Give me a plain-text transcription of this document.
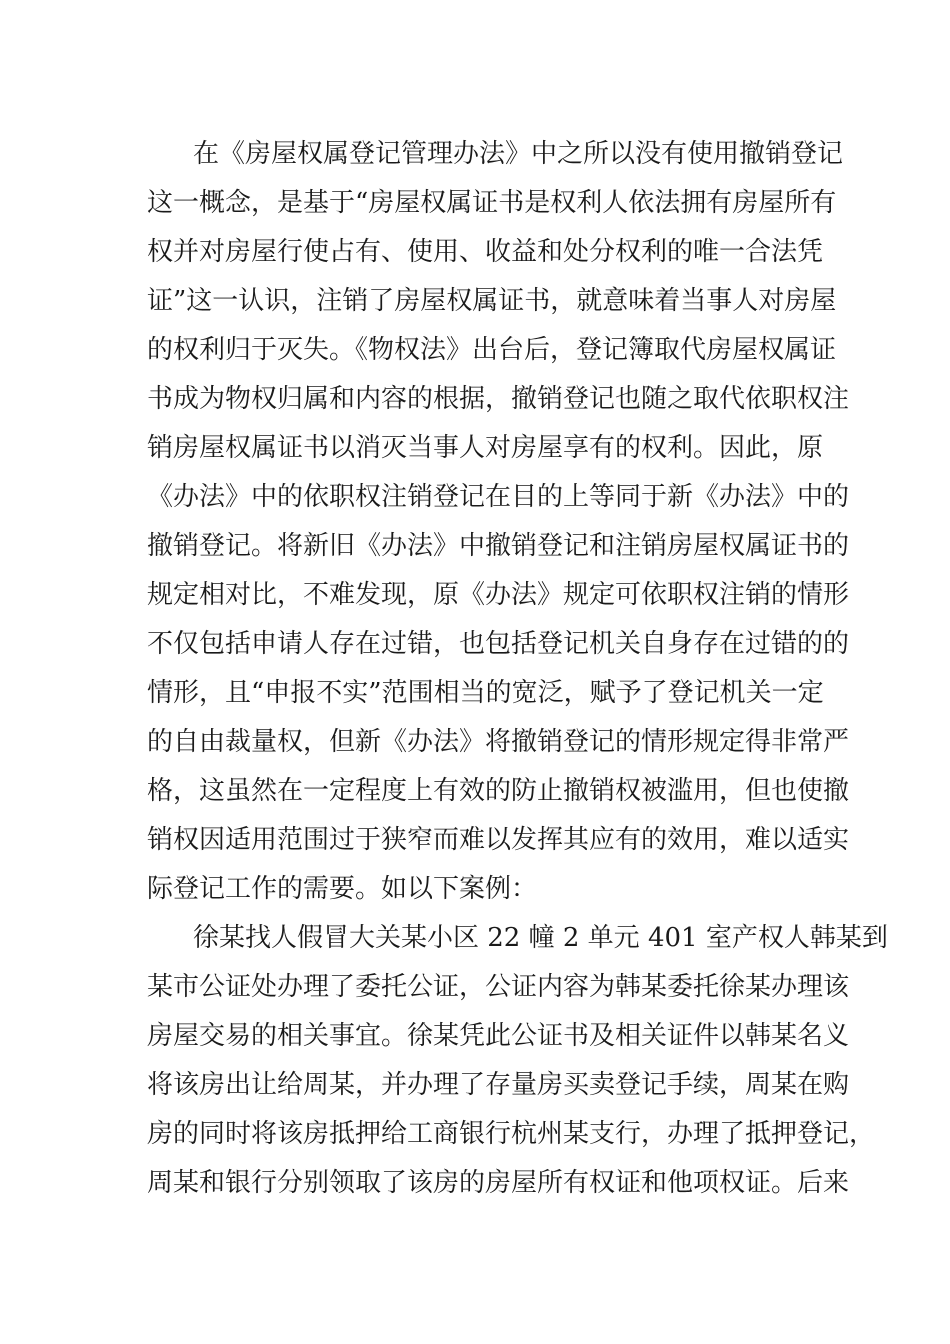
在《房屋权属登记管理办法》中之所以没有使用撤销登记
这一概念，是基于“房屋权属证书是权利人依法拥有房屋所有
权并对房屋行使占有、使用、收益和处分权利的唯一合法凭
证”这一认识，注销了房屋权属证书，就意味着当事人对房屋
的权利归于灭失。《物权法》出台后，登记簿取代房屋权属证
书成为物权归属和内容的根据，撤销登记也随之取代依职权注
销房屋权属证书以消灭当事人对房屋享有的权利。因此，原
《办法》中的依职权注销登记在目的上等同于新《办法》中的
撤销登记。将新旧《办法》中撤销登记和注销房屋权属证书的
规定相对比，不难发现，原《办法》规定可依职权注销的情形
不仅包括申请人存在过错，也包括登记机关自身存在过错的的
情形，且“申报不实”范围相当的宽泛，赋予了登记机关一定
的自由裁量权，但新《办法》将撤销登记的情形规定得非常严
格，这虽然在一定程度上有效的防止撤销权被滥用，但也使撤
销权因适用范围过于狭窄而难以发挥其应有的效用，难以适实
际登记工作的需要。如以下案例：
徐某找人假冒大关某小区 22 幢 2 单元 401 室产权人韩某到
某市公证处办理了委托公证，公证内容为韩某委托徐某办理该
房屋交易的相关事宜。徐某凭此公证书及相关证件以韩某名义
将该房出让给周某，并办理了存量房买卖登记手续，周某在购
房的同时将该房抵押给工商银行杭州某支行，办理了抵押登记，
周某和银行分别领取了该房的房屋所有权证和他项权证。后来
